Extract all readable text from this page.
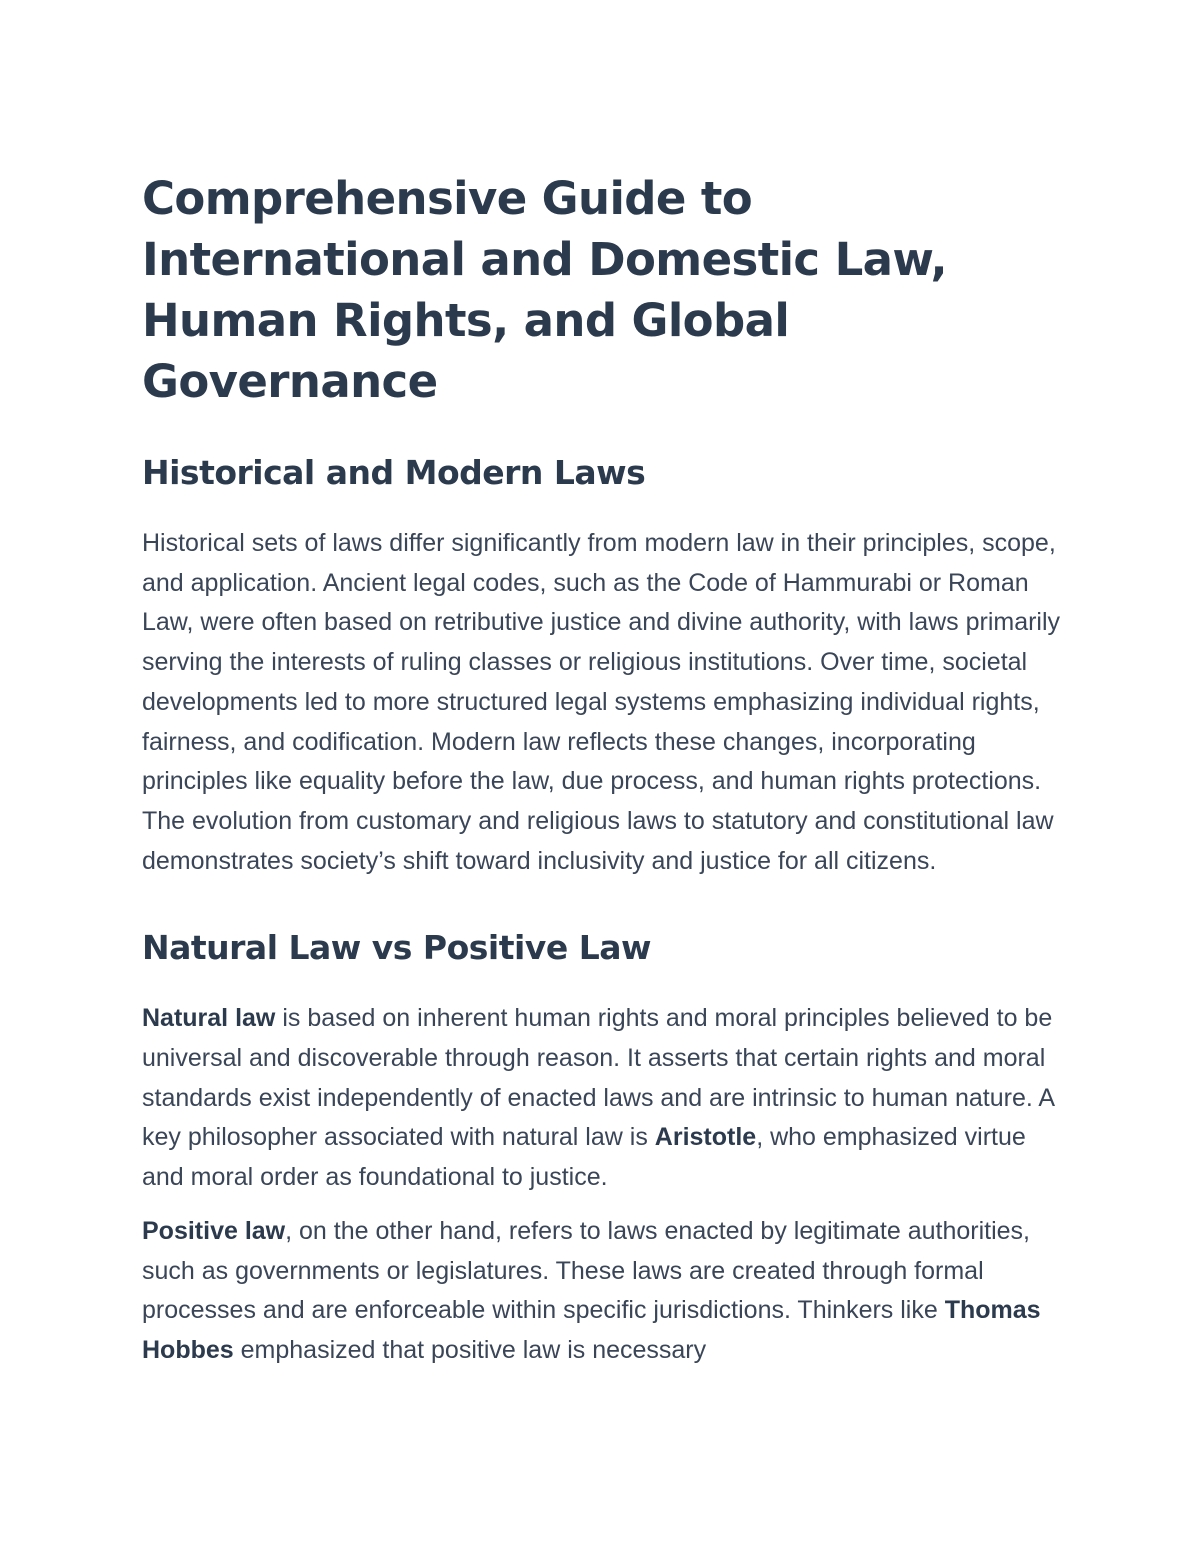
Comprehensive Guide to International and Domestic Law, Human Rights, and Global Governance
Historical and Modern Laws

Historical sets of laws differ significantly from modern law in their principles, scope, and application. Ancient legal codes, such as the Code of Hammurabi or Roman Law, were often based on retributive justice and divine authority, with laws primarily serving the interests of ruling classes or religious institutions. Over time, societal developments led to more structured legal systems emphasizing individual rights, fairness, and codification. Modern law reflects these changes, incorporating principles like equality before the law, due process, and human rights protections. The evolution from customary and religious laws to statutory and constitutional law demonstrates society’s shift toward inclusivity and justice for all citizens.

Natural Law vs Positive Law

Natural law is based on inherent human rights and moral principles believed to be universal and discoverable through reason. It asserts that certain rights and moral standards exist independently of enacted laws and are intrinsic to human nature. A key philosopher associated with natural law is Aristotle, who emphasized virtue and moral order as foundational to justice.

Positive law, on the other hand, refers to laws enacted by legitimate authorities, such as governments or legislatures. These laws are created through formal processes and are enforceable within specific jurisdictions. Thinkers like Thomas Hobbes emphasized that positive law is necessary
